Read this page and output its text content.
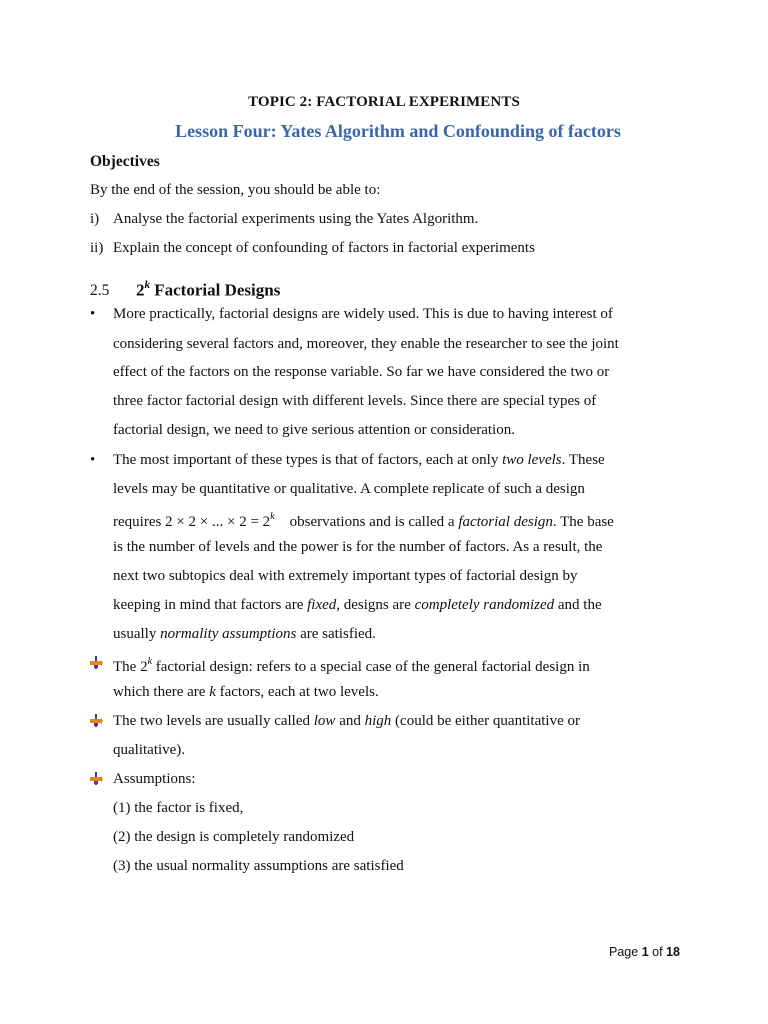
TOPIC 2: FACTORIAL EXPERIMENTS
Lesson Four: Yates Algorithm and Confounding of factors
Objectives
By the end of the session, you should be able to:
i) Analyse the factorial experiments using the Yates Algorithm.
ii) Explain the concept of confounding of factors in factorial experiments
2.5 2$^k$ Factorial Designs
• More practically, factorial designs are widely used. This is due to having interest of
considering several factors and, moreover, they enable the researcher to see the joint
effect of the factors on the response variable. So far we have considered the two or
three factor factorial design with different levels. Since there are special types of
factorial design, we need to give serious attention or consideration.
• The most important of these types is that of factors, each at only two levels. These
levels may be quantitative or qualitative. A complete replicate of such a design
requires 2 × 2 × ... × $2 = 2^k$    observations and is called a factorial design. The base
is the number of levels and the power is for the number of factors. As a result, the
next two subtopics deal with extremely important types of factorial design by
keeping in mind that factors are fixed, designs are completely randomized and the
usually normality assumptions are satisfied.
The 2$^k$ factorial design: refers to a special case of the general factorial design in
which there are k factors, each at two levels.
The two levels are usually called low and high (could be either quantitative or
qualitative).
Assumptions:
(1) the factor is fixed,
(2) the design is completely randomized
(3) the usual normality assumptions are satisfied
Page 1 of 18
